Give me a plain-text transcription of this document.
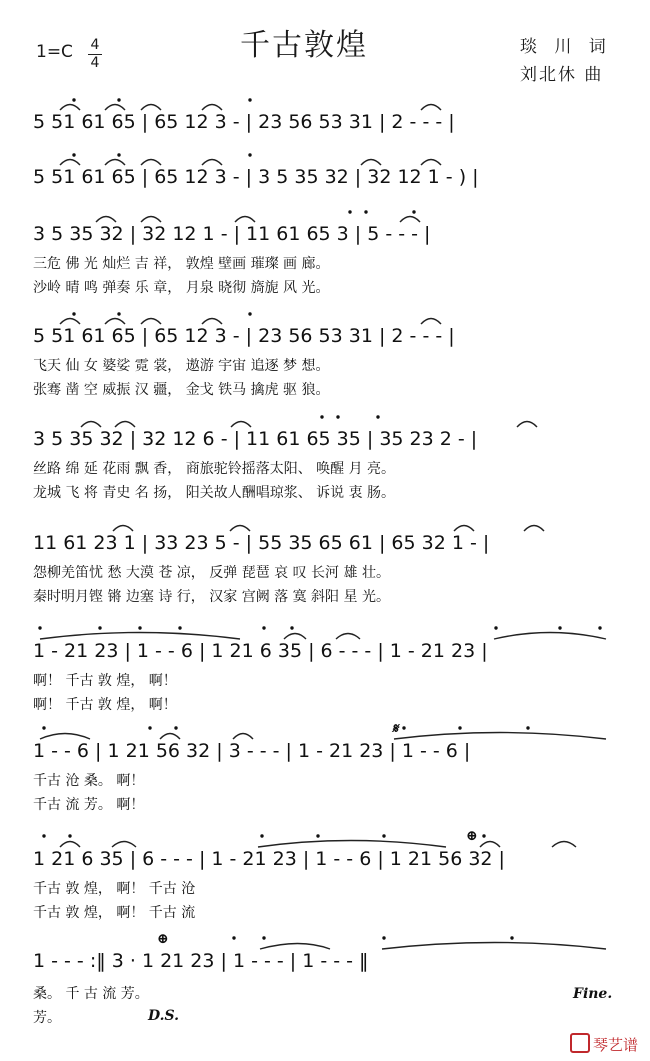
千古敦煌
1=C 4
4
琰 川 词
刘北休 曲
5 51 61 65 | 65 12 3 - | 23 56 53 31 | 2 - - - |
5 51 61 65 | 65 12 3 - | 3 5 35 32 | 32 12 1 - ) |
3 5 35 32 | 32 12 1 - | 11 61 65 3 | 5 - - - |
三危 佛 光 灿烂 吉 祥， 敦煌 壁画 璀璨 画 廊。
沙岭 晴 鸣 弹奏 乐 章， 月泉 晓彻 旖旎 风 光。
5 51 61 65 | 65 12 3 - | 23 56 53 31 | 2 - - - |
飞天 仙 女 婆娑 霓 裳， 遨游 宇宙 追逐 梦 想。
张骞 凿 空 威振 汉 疆， 金戈 铁马 擒虎 驱 狼。
3 5 35 32 | 32 12 6 - | 11 61 65 35 | 35 23 2 - |
丝路 绵 延 花雨 飘 香， 商旅驼铃摇落太阳、 唤醒 月 亮。
龙城 飞 将 青史 名 扬， 阳关故人酬唱琼浆、 诉说 衷 肠。
11 61 23 1 | 33 23 5 - | 55 35 65 61 | 65 32 1 - |
怨柳羌笛忧 愁 大漠 苍 凉， 反弹 琵琶 哀 叹 长河 雄 壮。
秦时明月铿 锵 边塞 诗 行， 汉家 宫阙 落 寞 斜阳 星 光。
1 - 21 23 | 1 - - 6 | 1 21 6 35 | 6 - - - | 1 - 21 23 |
啊！ 千古 敦 煌， 啊！
啊！ 千古 敦 煌， 啊！
1 - - 6 | 1 21 56 32 | 3 - - - | 1 - 21 23 | 1 - - 6 |
千古 沧 桑。 啊！
千古 流 芳。 啊！
𝄋
1 21 6 35 | 6 - - - | 1 - 21 23 | 1 - - 6 | 1 21 56 32 |
千古 敦 煌， 啊！ 千古 沧
千古 敦 煌， 啊！ 千古 流
⊕
1 - - - :‖ 3 · 1 21 23 | 1 - - - | 1 - - - ‖
桑。 千 古 流 芳。
芳。
⊕
D.S.
Fine.
琴艺谱
